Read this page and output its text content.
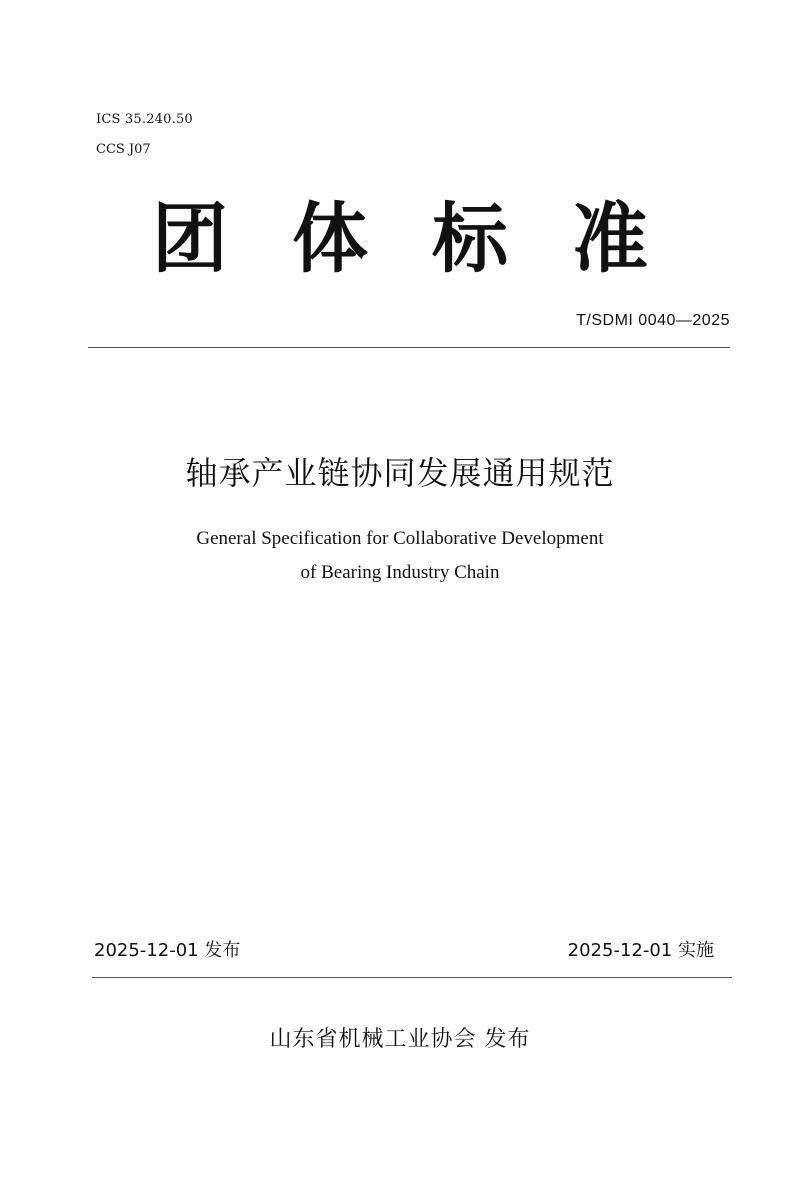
ICS 35.240.50
CCS J07
团体标准
T/SDMI 0040—2025
轴承产业链协同发展通用规范
General Specification for Collaborative Development
of Bearing Industry Chain
2025-12-01 发布	2025-12-01 实施
山东省机械工业协会 发布
